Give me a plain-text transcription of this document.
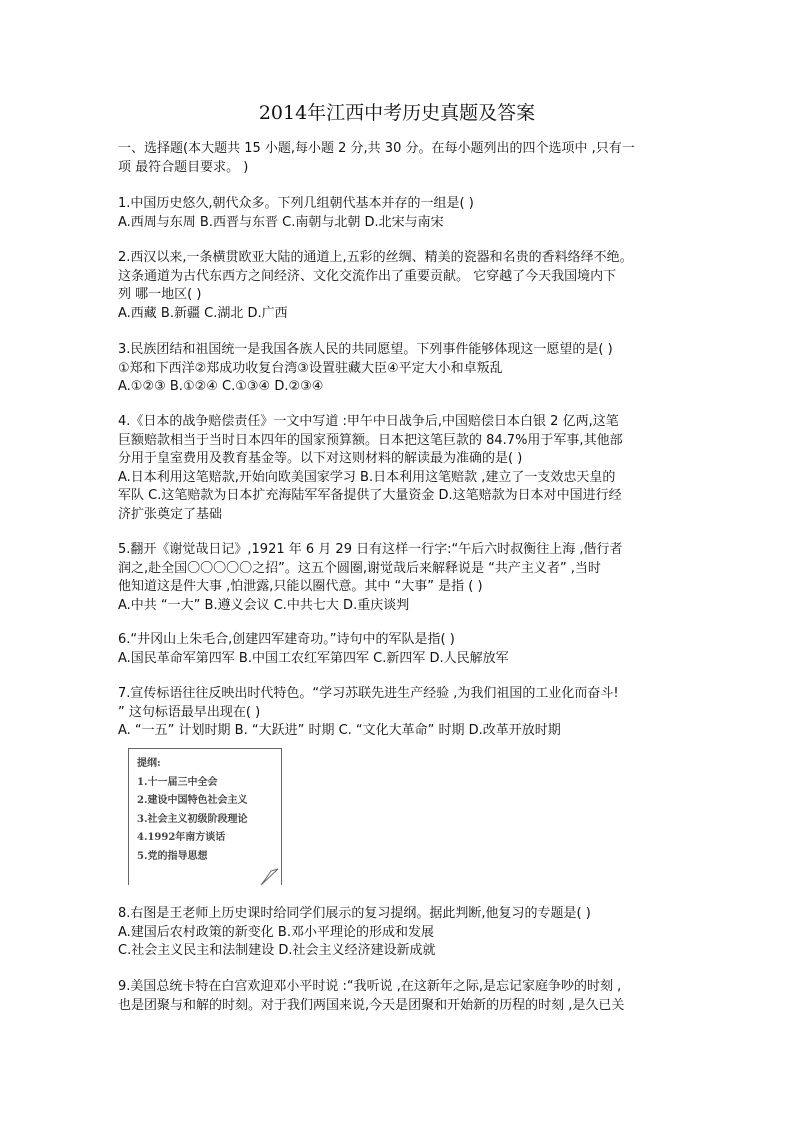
2014年江西中考历史真题及答案
一、选择题(本大题共 15 小题,每小题 2 分,共 30 分。在每小题列出的四个选项中 ,只有一
项 最符合题目要求。 )
1.中国历史悠久,朝代众多。下列几组朝代基本并存的一组是( )
A.西周与东周 B.西晋与东晋 C.南朝与北朝 D.北宋与南宋
2.西汉以来,一条横贯欧亚大陆的通道上,五彩的丝绸、精美的瓷器和名贵的香料络绎不绝。
这条通道为古代东西方之间经济、文化交流作出了重要贡献。 它穿越了今天我国境内下
列 哪一地区( )
A.西藏 B.新疆 C.湖北 D.广西
3.民族团结和祖国统一是我国各族人民的共同愿望。下列事件能够体现这一愿望的是( )
①郑和下西洋②郑成功收复台湾③设置驻藏大臣④平定大小和卓叛乱
A.①②③ B.①②④ C.①③④ D.②③④
4.《日本的战争赔偿责任》一文中写道 :甲午中日战争后,中国赔偿日本白银 2 亿两,这笔
巨额赔款相当于当时日本四年的国家预算额。日本把这笔巨款的 84.7%用于军事,其他部
分用于皇室费用及教育基金等。以下对这则材料的解读最为准确的是( )
A.日本利用这笔赔款,开始向欧美国家学习 B.日本利用这笔赔款 ,建立了一支效忠天皇的
军队 C.这笔赔款为日本扩充海陆军军备提供了大量资金 D.这笔赔款为日本对中国进行经
济扩张奠定了基础
5.翻开《谢觉哉日记》,1921 年 6 月 29 日有这样一行字:“午后六时叔衡往上海 ,偕行者
润之,赴全国〇〇〇〇〇之招”。这五个圆圈,谢觉哉后来解释说是 “共产主义者” ,当时
他知道这是件大事 ,怕泄露,只能以圈代意。其中 “大事” 是指 ( )
A.中共 “一大” B.遵义会议 C.中共七大 D.重庆谈判
6.“井冈山上朱毛合,创建四军建奇功。”诗句中的军队是指( )
A.国民革命军第四军 B.中国工农红军第四军 C.新四军 D.人民解放军
7.宣传标语往往反映出时代特色。“学习苏联先进生产经验 ,为我们祖国的工业化而奋斗!
” 这句标语最早出现在( )
A. “一五” 计划时期 B. “大跃进” 时期 C. “文化大革命” 时期 D.改革开放时期
8.右图是王老师上历史课时给同学们展示的复习提纲。据此判断,他复习的专题是( )
A.建国后农村政策的新变化 B.邓小平理论的形成和发展
C.社会主义民主和法制建设 D.社会主义经济建设新成就
9.美国总统卡特在白宫欢迎邓小平时说 :“我听说 ,在这新年之际,是忘记家庭争吵的时刻 ,
也是团聚与和解的时刻。对于我们两国来说,今天是团聚和开始新的历程的时刻 ,是久已关
提纲:
1.十一届三中全会
2.建设中国特色社会主义
3.社会主义初级阶段理论
4.1992年南方谈话
5.党的指导思想
